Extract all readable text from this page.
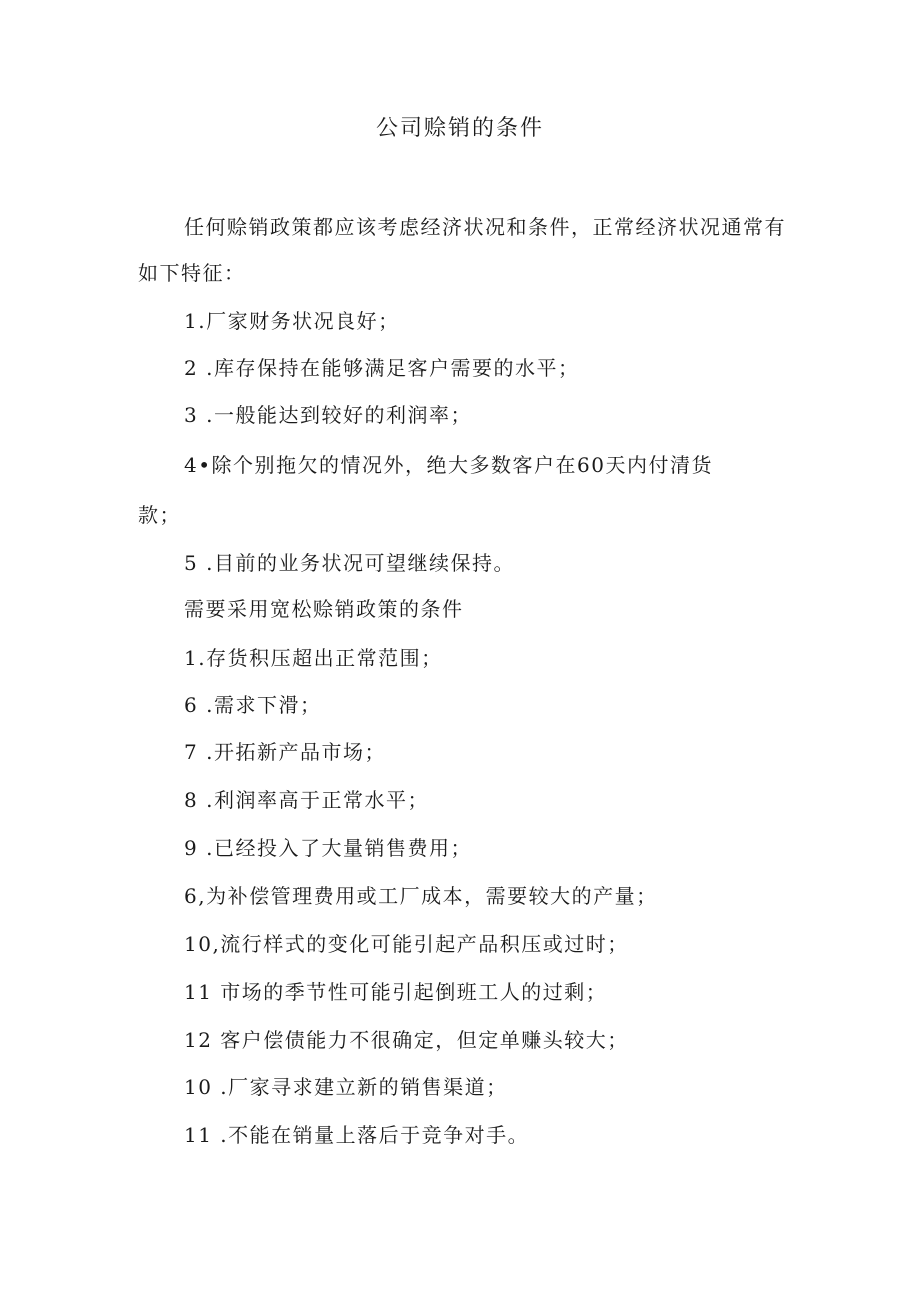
公司赊销的条件
任何赊销政策都应该考虑经济状况和条件，正常经济状况通常有如下特征：
1.厂家财务状况良好；
2 .库存保持在能够满足客户需要的水平；
3 .一般能达到较好的利润率；
4•除个别拖欠的情况外，绝大多数客户在60天内付清货
款；
5 .目前的业务状况可望继续保持。
需要采用宽松赊销政策的条件
1.存货积压超出正常范围；
6 .需求下滑；
7 .开拓新产品市场；
8 .利润率高于正常水平；
9 .已经投入了大量销售费用；
6,为补偿管理费用或工厂成本，需要较大的产量；
10,流行样式的变化可能引起产品积压或过时；
11 市场的季节性可能引起倒班工人的过剩；
12 客户偿债能力不很确定，但定单赚头较大；
10 .厂家寻求建立新的销售渠道；
11 .不能在销量上落后于竞争对手。
